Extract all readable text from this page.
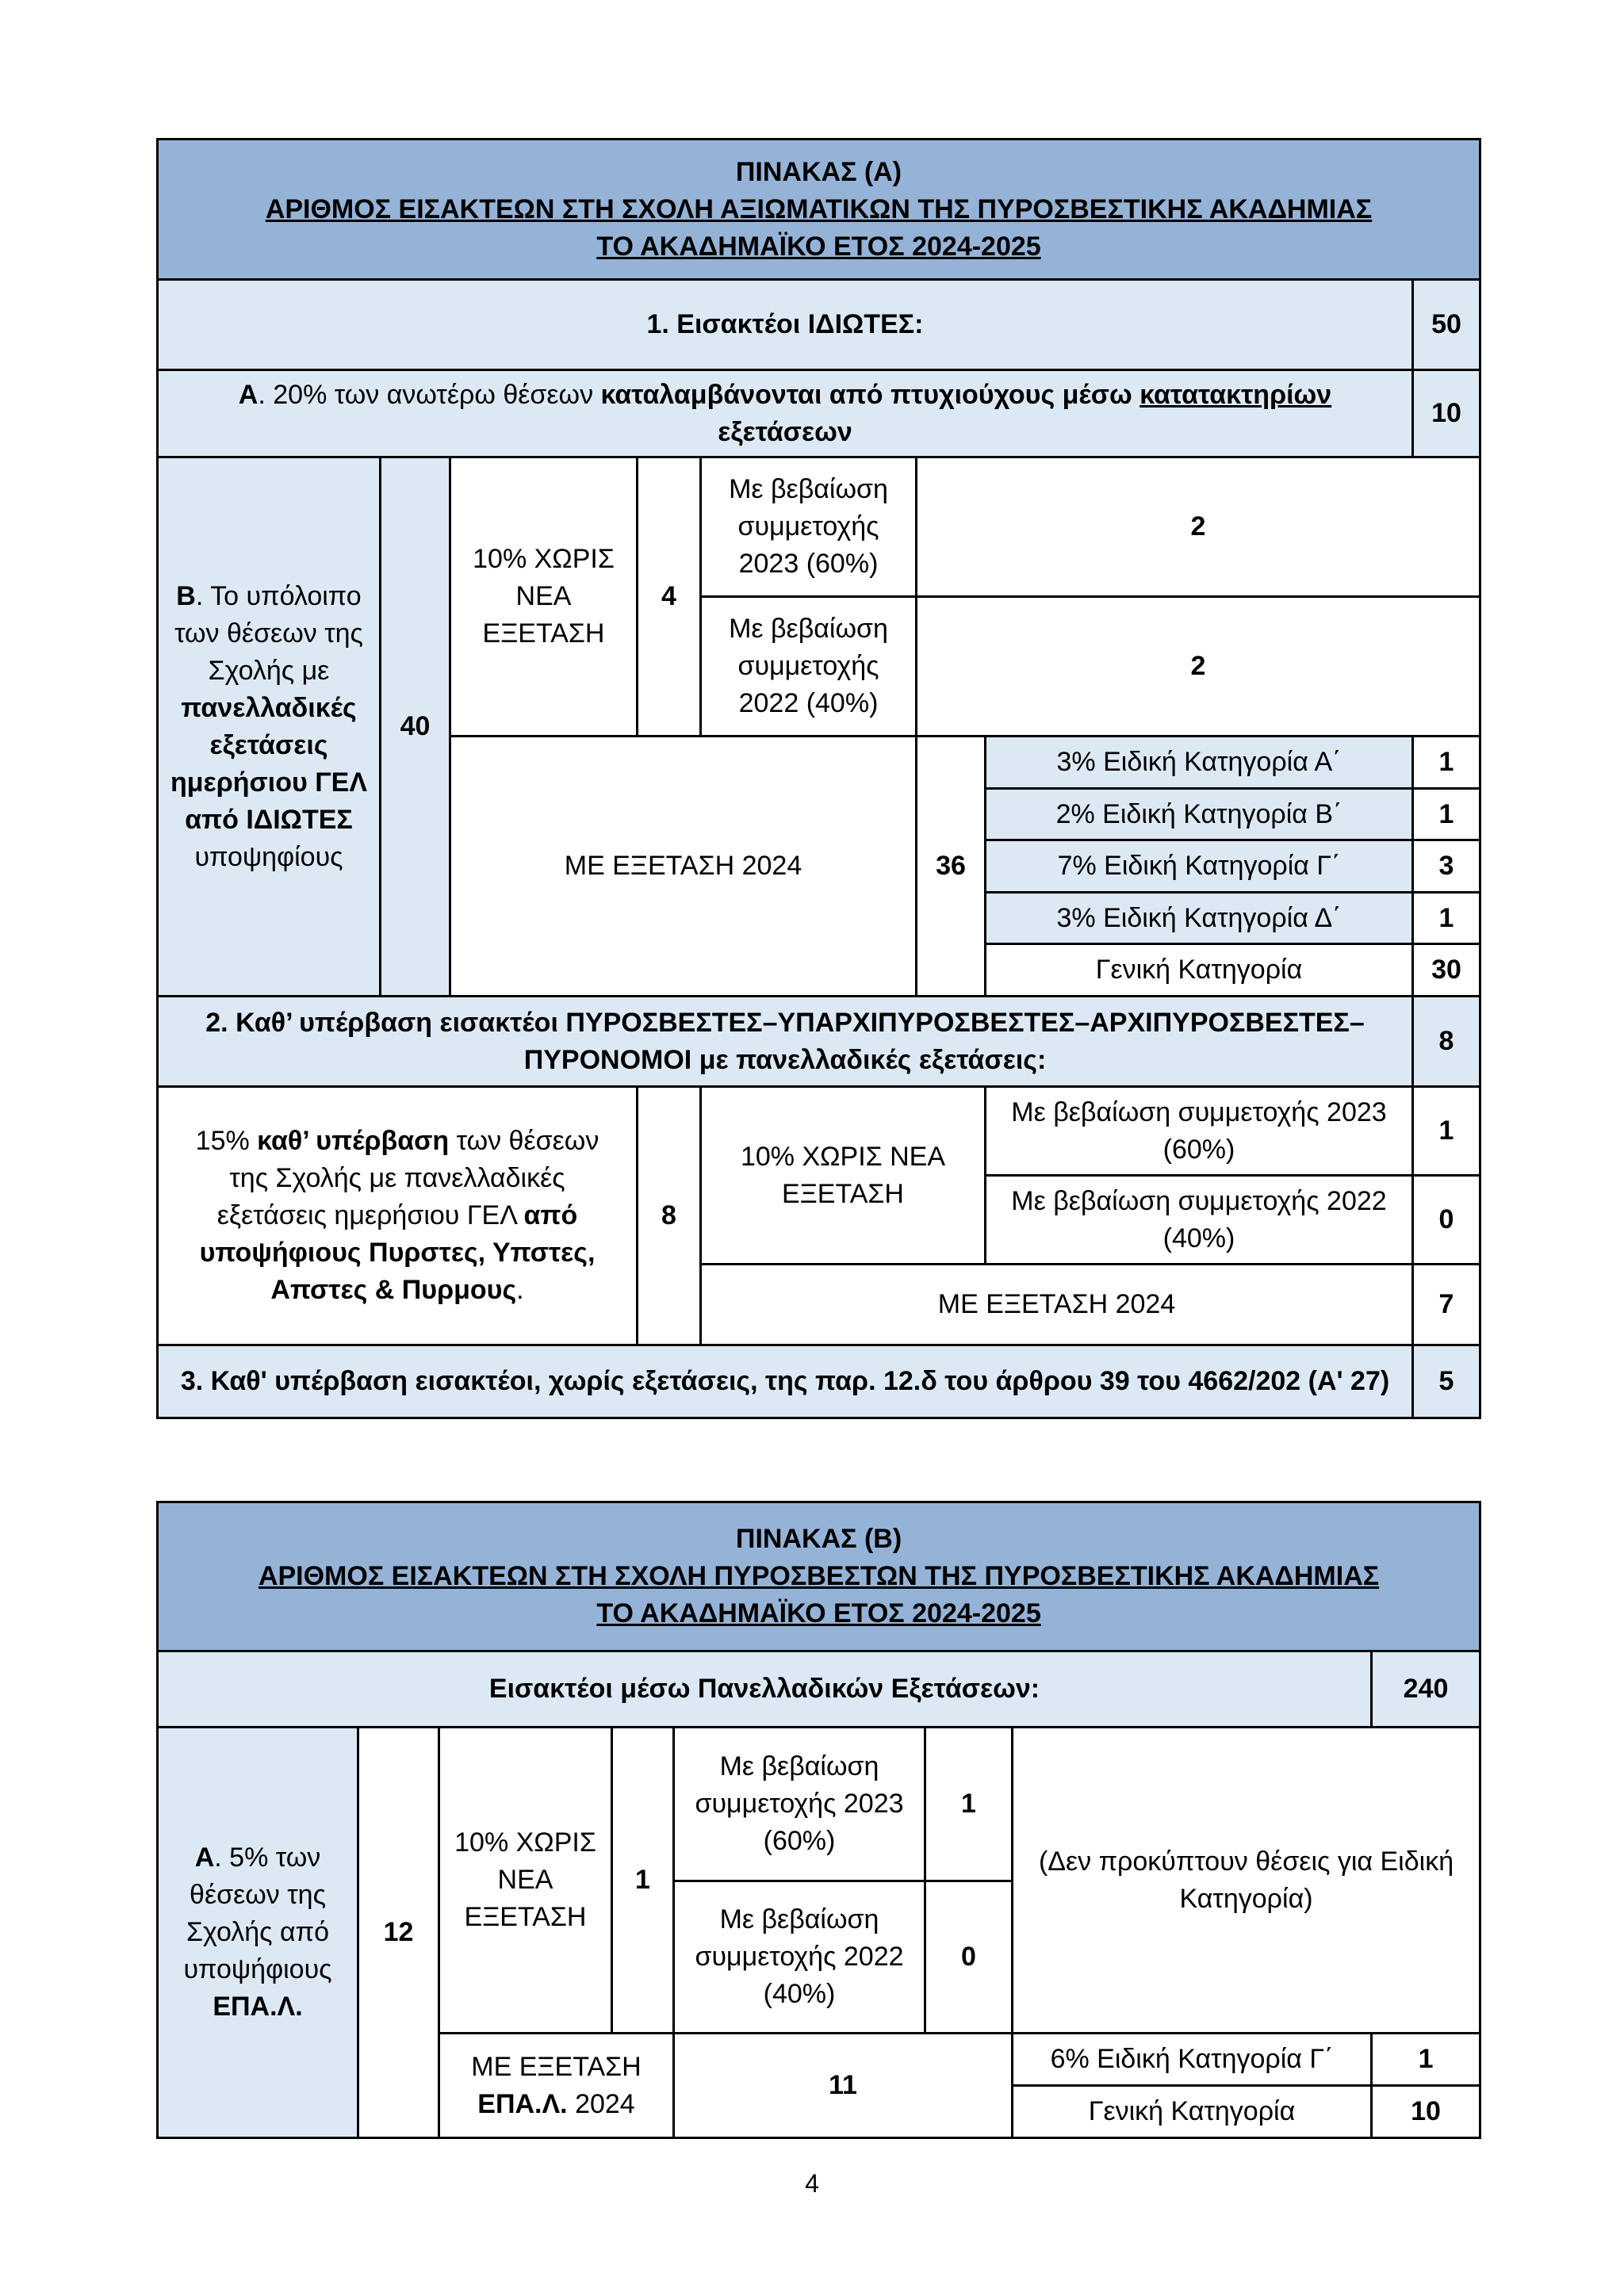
ΠΙΝΑΚΑΣ (Α)
ΑΡΙΘΜΟΣ ΕΙΣΑΚΤΕΩΝ ΣΤΗ ΣΧΟΛΗ ΑΞΙΩΜΑΤΙΚΩΝ ΤΗΣ ΠΥΡΟΣΒΕΣΤΙΚΗΣ ΑΚΑΔΗΜΙΑΣ
ΤΟ ΑΚΑΔΗΜΑΪΚΟ ΕΤΟΣ 2024-2025							

1. Εισακτέοι ΙΔΙΩΤΕΣ:							50
Α. 20% των ανωτέρω θέσεων καταλαμβάνονται από πτυχιούχους μέσω κατατακτηρίων
εξετάσεων							10
Β. Το υπόλοιπο των θέσεων της Σχολής με πανελλαδικές εξετάσεις ημερήσιου ΓΕΛ από ΙΔΙΩΤΕΣ υποψηφίους	40	10% ΧΩΡΙΣ ΝΕΑ ΕΞΕΤΑΣΗ	4	Με βεβαίωση συμμετοχής 2023 (60%)	2		
				Με βεβαίωση συμμετοχής 2022 (40%)	2		
		ΜΕ ΕΞΕΤΑΣΗ 2024			36	3% Ειδική Κατηγορία Α΄	1
						2% Ειδική Κατηγορία Β΄	1
						7% Ειδική Κατηγορία Γ΄	3
						3% Ειδική Κατηγορία Δ΄	1
						Γενική Κατηγορία	30
2. Καθ’ υπέρβαση εισακτέοι ΠΥΡΟΣΒΕΣΤΕΣ–ΥΠΑΡΧΙΠΥΡΟΣΒΕΣΤΕΣ–ΑΡΧΙΠΥΡΟΣΒΕΣΤΕΣ–ΠΥΡΟΝΟΜΟΙ με πανελλαδικές εξετάσεις:							8
15% καθ’ υπέρβαση των θέσεων της Σχολής με πανελλαδικές εξετάσεις ημερήσιου ΓΕΛ από υποψήφιους Πυρστες, Υπστες, Απστες & Πυρμους.			8	10% ΧΩΡΙΣ ΝΕΑ ΕΞΕΤΑΣΗ		Με βεβαίωση συμμετοχής 2023 (60%)	1
						Με βεβαίωση συμμετοχής 2022 (40%)	0
				ΜΕ ΕΞΕΤΑΣΗ 2024			7
3. Καθ' υπέρβαση εισακτέοι, χωρίς εξετάσεις, της παρ. 12.δ του άρθρου 39 του 4662/202 (Α' 27)							5
ΠΙΝΑΚΑΣ (Β)
ΑΡΙΘΜΟΣ ΕΙΣΑΚΤΕΩΝ ΣΤΗ ΣΧΟΛΗ ΠΥΡΟΣΒΕΣΤΩΝ ΤΗΣ ΠΥΡΟΣΒΕΣΤΙΚΗΣ ΑΚΑΔΗΜΙΑΣ
ΤΟ ΑΚΑΔΗΜΑΪΚΟ ΕΤΟΣ 2024-2025							

Εισακτέοι μέσω Πανελλαδικών Εξετάσεων:							240
Α. 5% των θέσεων της Σχολής από υποψήφιους ΕΠΑ.Λ.	12	10% ΧΩΡΙΣ ΝΕΑ ΕΞΕΤΑΣΗ	1	Με βεβαίωση συμμετοχής 2023 (60%)	1	(Δεν προκύπτουν θέσεις για Ειδική Κατηγορία)	
				Με βεβαίωση συμμετοχής 2022 (40%)	0		
		ΜΕ ΕΞΕΤΑΣΗ ΕΠΑ.Λ. 2024		11		6% Ειδική Κατηγορία Γ΄	1
						Γενική Κατηγορία	10
4
